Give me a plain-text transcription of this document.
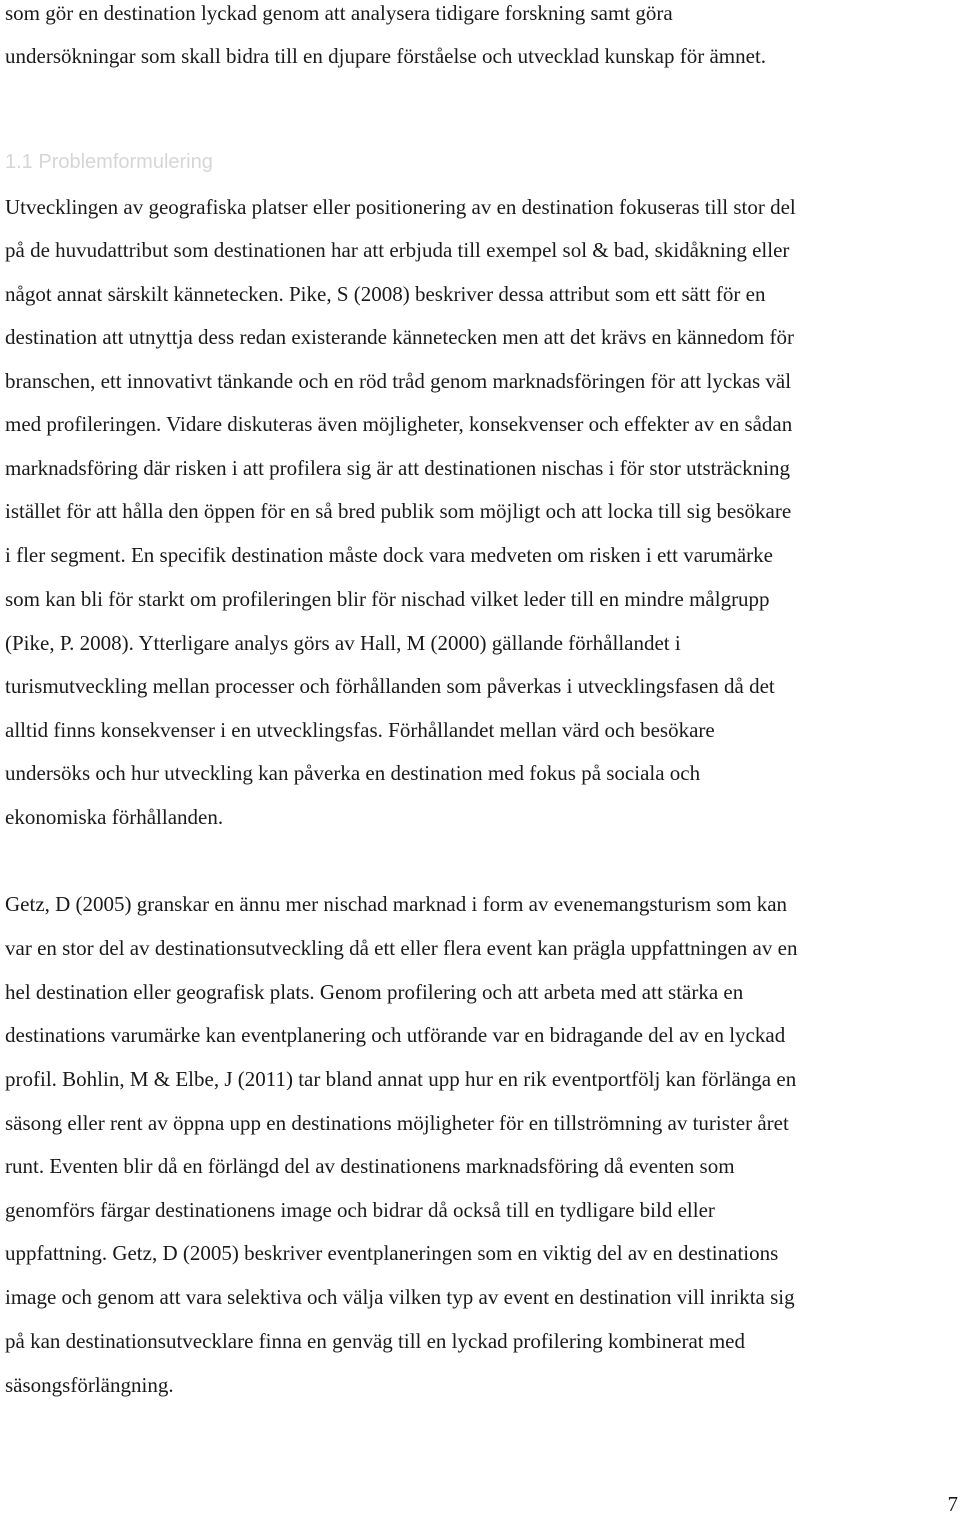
som gör en destination lyckad genom att analysera tidigare forskning samt göra
undersökningar som skall bidra till en djupare förståelse och utvecklad kunskap för ämnet.
1.1 Problemformulering
Utvecklingen av geografiska platser eller positionering av en destination fokuseras till stor del
på de huvudattribut som destinationen har att erbjuda till exempel sol & bad, skidåkning eller
något annat särskilt kännetecken. Pike, S (2008) beskriver dessa attribut som ett sätt för en
destination att utnyttja dess redan existerande kännetecken men att det krävs en kännedom för
branschen, ett innovativt tänkande och en röd tråd genom marknadsföringen för att lyckas väl
med profileringen. Vidare diskuteras även möjligheter, konsekvenser och effekter av en sådan
marknadsföring där risken i att profilera sig är att destinationen nischas i för stor utsträckning
istället för att hålla den öppen för en så bred publik som möjligt och att locka till sig besökare
i fler segment. En specifik destination måste dock vara medveten om risken i ett varumärke
som kan bli för starkt om profileringen blir för nischad vilket leder till en mindre målgrupp
(Pike, P. 2008). Ytterligare analys görs av Hall, M (2000) gällande förhållandet i
turismutveckling mellan processer och förhållanden som påverkas i utvecklingsfasen då det
alltid finns konsekvenser i en utvecklingsfas. Förhållandet mellan värd och besökare
undersöks och hur utveckling kan påverka en destination med fokus på sociala och
ekonomiska förhållanden.
Getz, D (2005) granskar en ännu mer nischad marknad i form av evenemangsturism som kan
var en stor del av destinationsutveckling då ett eller flera event kan prägla uppfattningen av en
hel destination eller geografisk plats. Genom profilering och att arbeta med att stärka en
destinations varumärke kan eventplanering och utförande var en bidragande del av en lyckad
profil. Bohlin, M & Elbe, J (2011) tar bland annat upp hur en rik eventportfölj kan förlänga en
säsong eller rent av öppna upp en destinations möjligheter för en tillströmning av turister året
runt. Eventen blir då en förlängd del av destinationens marknadsföring då eventen som
genomförs färgar destinationens image och bidrar då också till en tydligare bild eller
uppfattning. Getz, D (2005) beskriver eventplaneringen som en viktig del av en destinations
image och genom att vara selektiva och välja vilken typ av event en destination vill inrikta sig
på kan destinationsutvecklare finna en genväg till en lyckad profilering kombinerat med
säsongsförlängning.
7
